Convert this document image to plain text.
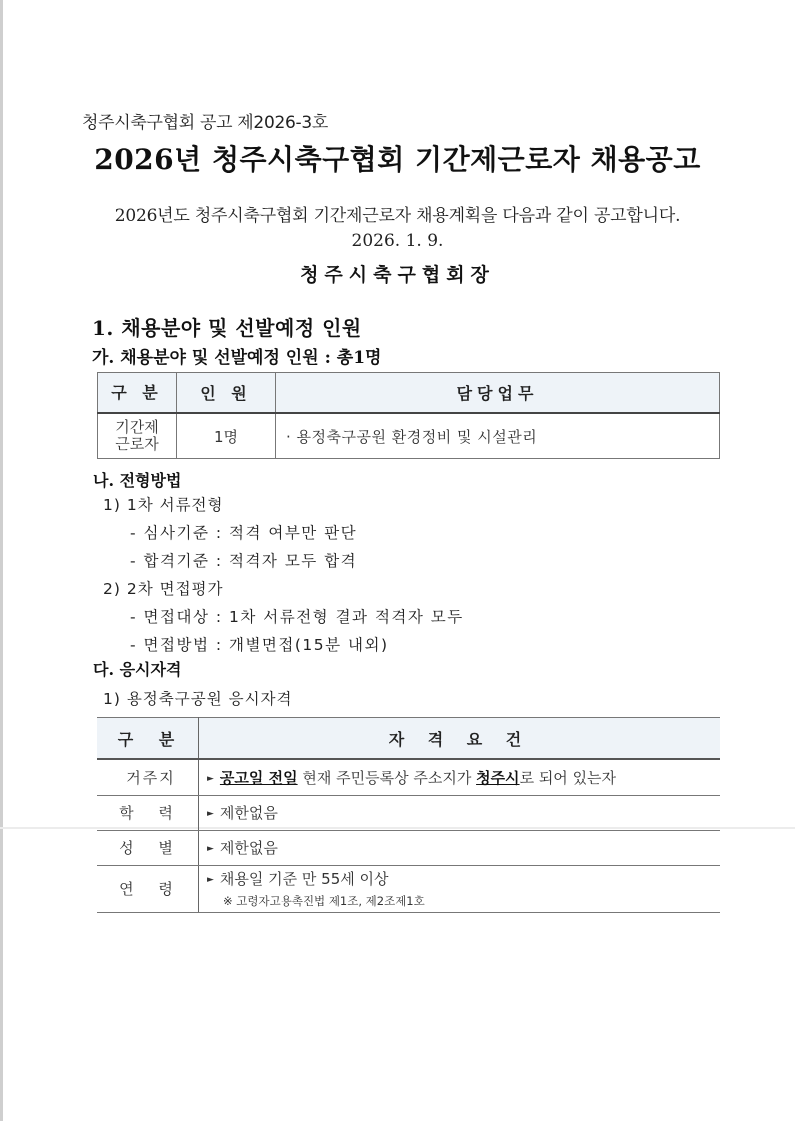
청주시축구협회 공고 제2026-3호
2026년 청주시축구협회 기간제근로자 채용공고
2026년도 청주시축구협회 기간제근로자 채용계획을 다음과 같이 공고합니다.
2026. 1. 9.
청주시축구협회장
1. 채용분야 및 선발예정 인원
가. 채용분야 및 선발예정 인원 : 총1명
구 분	인 원	담당업무

기간제
근로자	1명	· 용정축구공원 환경정비 및 시설관리
나. 전형방법
1) 1차 서류전형
- 심사기준 : 적격 여부만 판단
- 합격기준 : 적격자 모두 합격
2) 2차 면접평가
- 면접대상 : 1차 서류전형 결과 적격자 모두
- 면접방법 : 개별면접(15분 내외)
다. 응시자격
1) 용정축구공원 응시자격
구 분	자 격 요 건
거주지	► 공고일 전일 현재 주민등록상 주소지가 청주시로 되어 있는자
학 력	► 제한없음
성 별	► 제한없음
연 령	► 채용일 기준 만 55세 이상
※ 고령자고용촉진법 제1조, 제2조제1호
